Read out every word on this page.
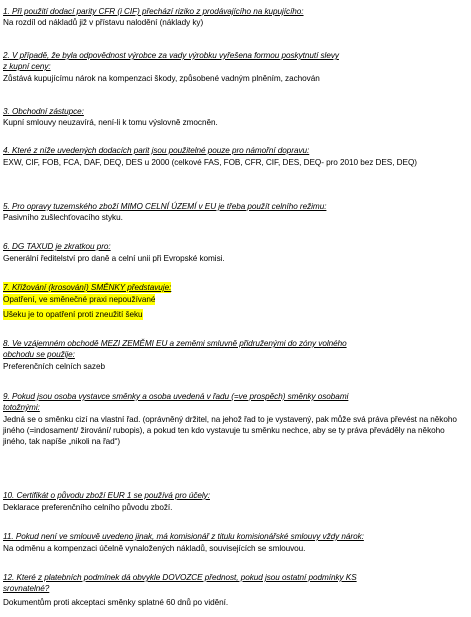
1. Při použití dodací parity CFR (i CIF) přechází riziko z prodávajícího na kupujícího:
Na rozdíl od nákladů již v přístavu nalodění (náklady ky)
2. V případě, že byla odpovědnost výrobce za vady výrobku vyřešena formou poskytnutí slevy
z kupní ceny:
Zůstává kupujícímu nárok na kompenzaci škody, způsobené vadným plněním, zachován
3. Obchodní zástupce:
Kupní smlouvy neuzavírá, není-li k tomu výslovně zmocněn.
4. Které z níže uvedených dodacích parit jsou použitelné pouze pro námořní dopravu:
EXW, CIF, FOB, FCA, DAF, DEQ, DES u 2000 (celkové FAS, FOB, CFR, CIF, DES, DEQ- pro 2010 bez DES, DEQ)
5. Pro opravy tuzemského zboží MIMO CELNÍ ÚZEMÍ v EU je třeba použít celního režimu:
Pasivního zušlechťovacího styku.
6. DG TAXUD je zkratkou pro:
Generální ředitelství pro daně a celní unii při Evropské komisi.
7. Křížování (krosování) SMĚNKY představuje:
Opatření, ve směnečné praxi nepoužívané
Ušeku je to opatření proti zneužití šeku
8. Ve vzájemném obchodě MEZI ZEMĚMI EU a zeměmi smluvně přidruženými do zóny volného
obchodu se použije:
Preferenčních celních sazeb
9. Pokud jsou osoba vystavce směnky a osoba uvedená v řadu (=ve prospěch) směnky osobami
totožnými:
Jedná se o směnku cizí na vlastní řad. (oprávněný držitel, na jehož řad to je vystavený, pak může svá práva převést na někoho jiného (=indosament/ žirování/ rubopis), a pokud ten kdo vystavuje tu směnku nechce, aby se ty práva převáděly na někoho jiného, tak napíše „nikoli na řad“)
10. Certifikát o původu zboží EUR 1 se používá pro účely:
Deklarace preferenčního celního původu zboží.
11. Pokud není ve smlouvě uvedeno jinak, má komisionář z titulu komisionářské smlouvy vždy nárok:
Na odměnu a kompenzaci účelně vynaložených nákladů, souvisejících se smlouvou.
12. Které z platebních podmínek dá obvykle DOVOZCE přednost, pokud jsou ostatní podmínky KS
srovnatelné?
Dokumentům proti akceptaci směnky splatné 60 dnů po vidění.
